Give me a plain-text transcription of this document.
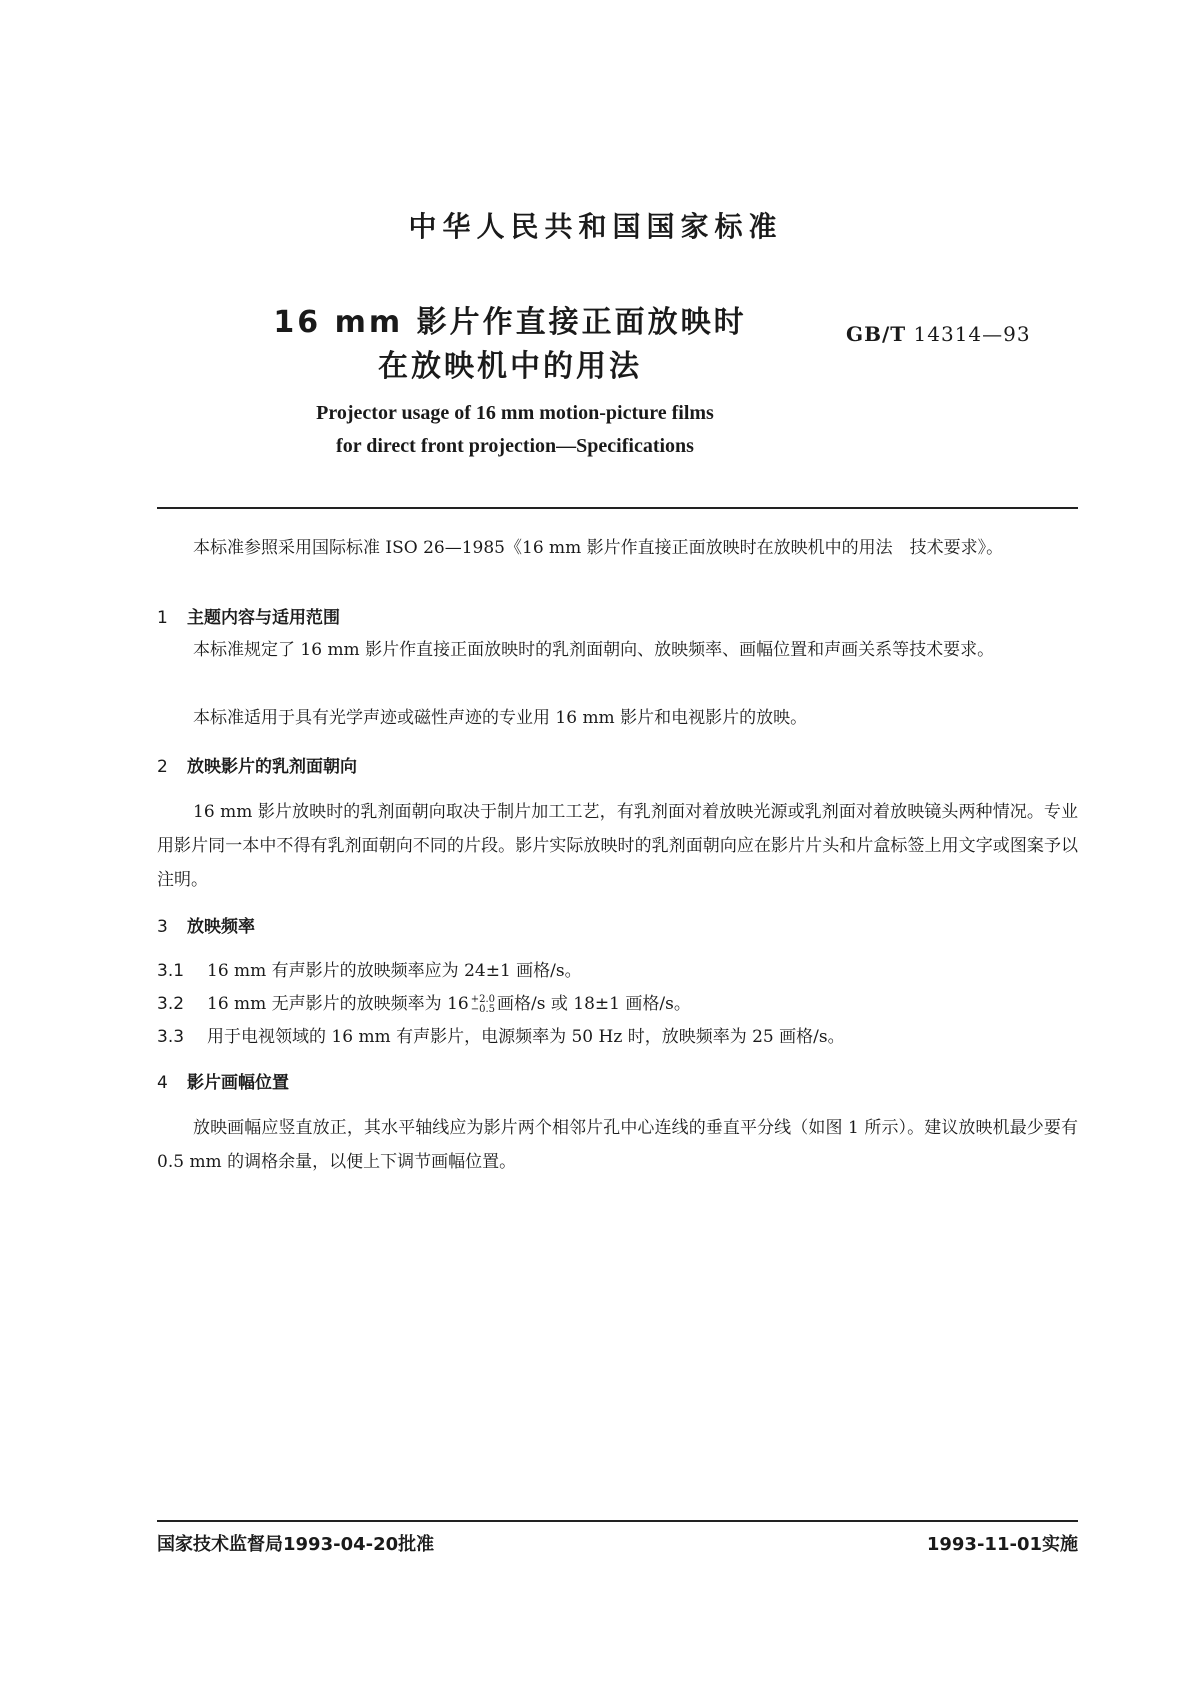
中华人民共和国国家标准
16 mm 影片作直接正面放映时
在放映机中的用法
GB/T 14314—93
Projector usage of 16 mm motion-picture films
for direct front projection—Specifications
本标准参照采用国际标准 ISO 26—1985《16 mm 影片作直接正面放映时在放映机中的用法　技术要求》。
1 主题内容与适用范围
本标准规定了 16 mm 影片作直接正面放映时的乳剂面朝向、放映频率、画幅位置和声画关系等技术要求。
本标准适用于具有光学声迹或磁性声迹的专业用 16 mm 影片和电视影片的放映。
2 放映影片的乳剂面朝向
16 mm 影片放映时的乳剂面朝向取决于制片加工工艺，有乳剂面对着放映光源或乳剂面对着放映镜头两种情况。专业用影片同一本中不得有乳剂面朝向不同的片段。影片实际放映时的乳剂面朝向应在影片片头和片盒标签上用文字或图案予以注明。
3 放映频率
3.1 16 mm 有声影片的放映频率应为 24±1 画格/s。
3.2 16 mm 无声影片的放映频率为 16 +2.0
−0.5 画格/s 或 18±1 画格/s。
3.3 用于电视领域的 16 mm 有声影片，电源频率为 50 Hz 时，放映频率为 25 画格/s。
4 影片画幅位置
放映画幅应竖直放正，其水平轴线应为影片两个相邻片孔中心连线的垂直平分线（如图 1 所示）。建议放映机最少要有 0.5 mm 的调格余量，以便上下调节画幅位置。
国家技术监督局1993-04-20批准	1993-11-01实施
